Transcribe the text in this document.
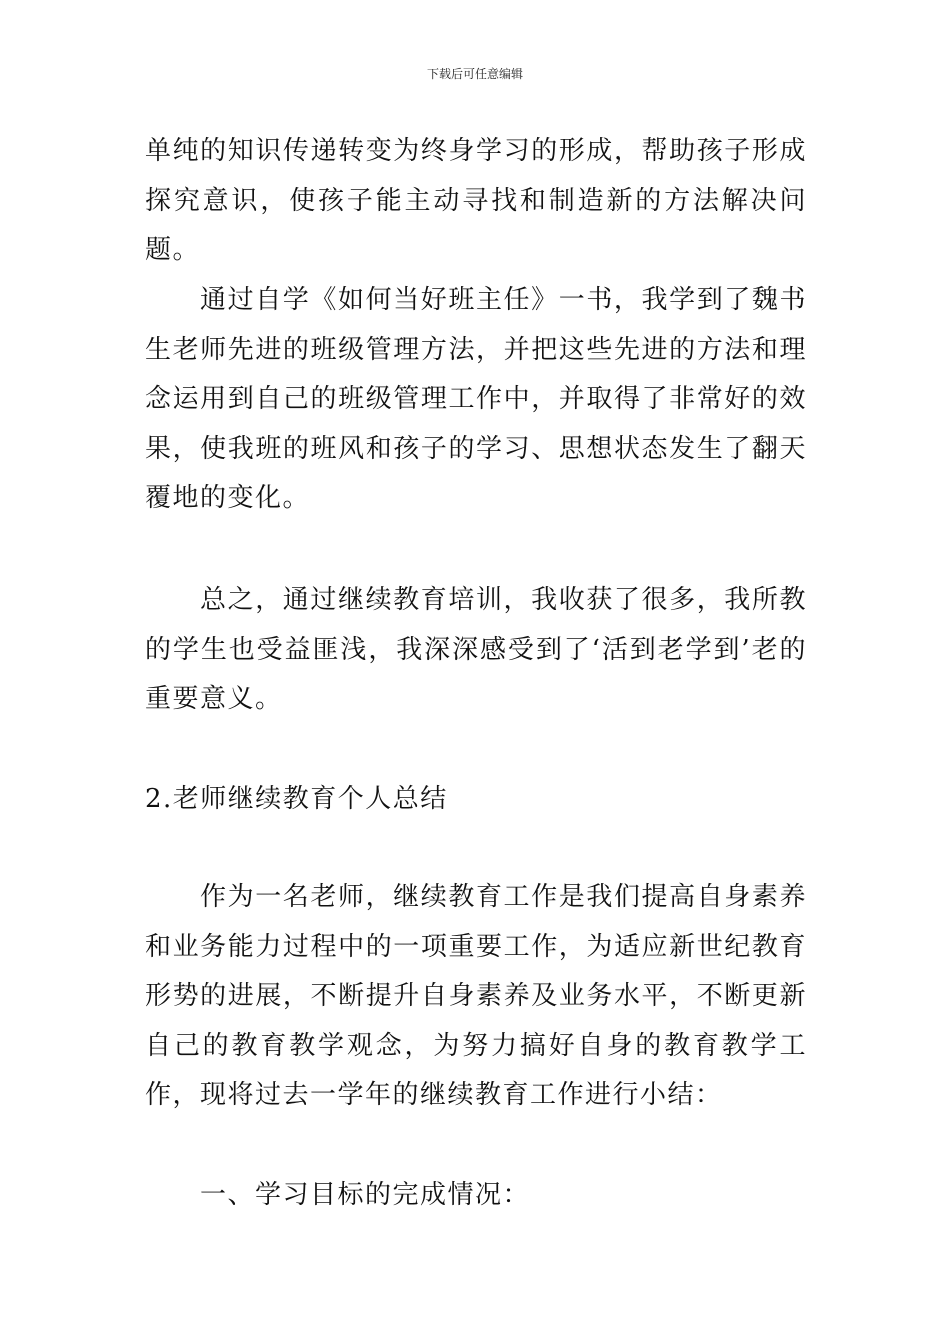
下载后可任意编辑

单纯的知识传递转变为终身学习的形成，帮助孩子形成探究意识，使孩子能主动寻找和制造新的方法解决问题。

通过自学《如何当好班主任》一书，我学到了魏书生老师先进的班级管理方法，并把这些先进的方法和理念运用到自己的班级管理工作中，并取得了非常好的效果，使我班的班风和孩子的学习、思想状态发生了翻天覆地的变化。

总之，通过继续教育培训，我收获了很多，我所教的学生也受益匪浅，我深深感受到了‘活到老学到’老的重要意义。

2.老师继续教育个人总结

作为一名老师，继续教育工作是我们提高自身素养和业务能力过程中的一项重要工作，为适应新世纪教育形势的进展，不断提升自身素养及业务水平，不断更新自己的教育教学观念，为努力搞好自身的教育教学工作，现将过去一学年的继续教育工作进行小结：

一、学习目标的完成情况：
